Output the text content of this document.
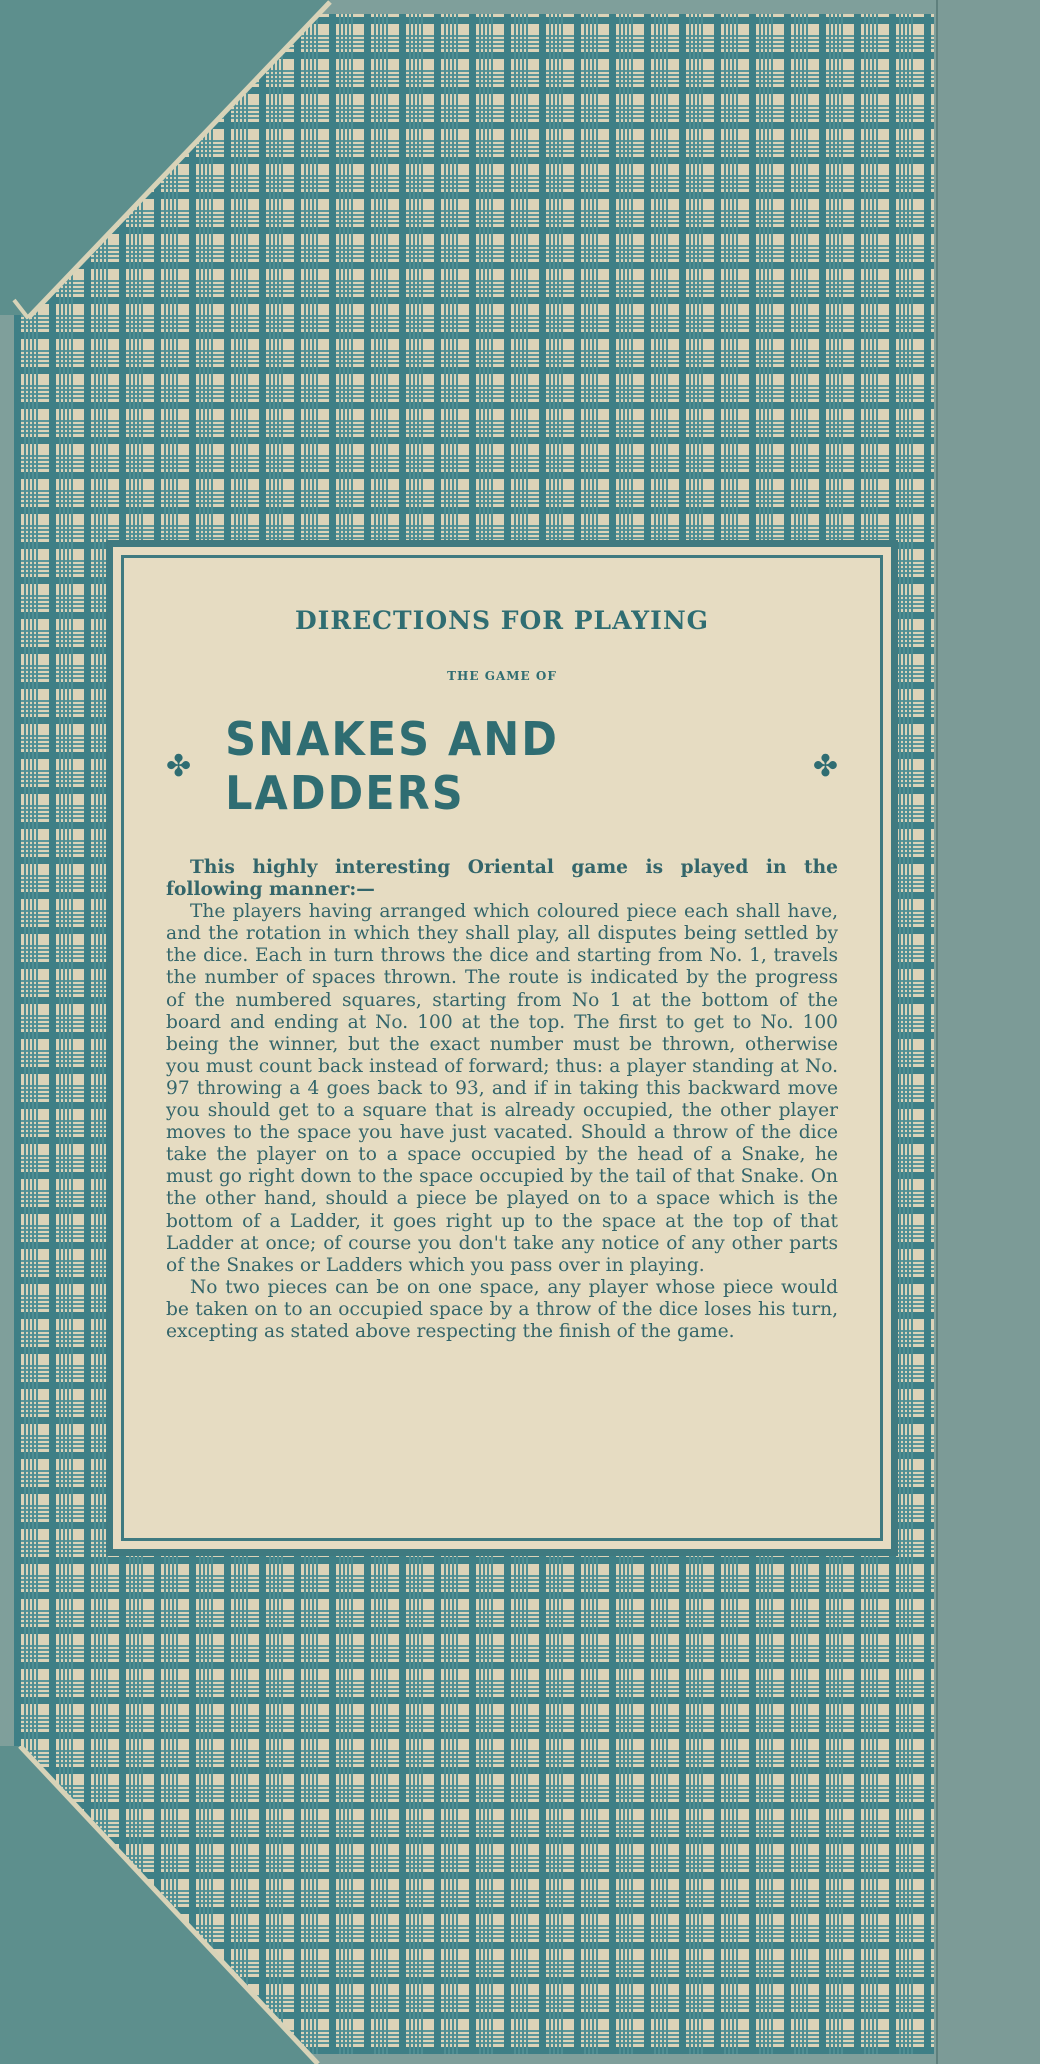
DIRECTIONS FOR PLAYING
THE GAME OF
✤ SNAKES AND LADDERS
✤

This highly interesting Oriental game is played in the following manner:—

The players having arranged which coloured piece each shall have, and the rotation in which they shall play, all disputes being settled by the dice. Each in turn throws the dice and starting from No. 1, travels the number of spaces thrown. The route is indicated by the progress of the numbered squares, starting from No 1 at the bottom of the board and ending at No. 100 at the top. The first to get to No. 100 being the winner, but the exact number must be thrown, otherwise you must count back instead of forward; thus: a player standing at No. 97 throwing a 4 goes back to 93, and if in taking this backward move you should get to a square that is already occupied, the other player moves to the space you have just vacated. Should a throw of the dice take the player on to a space occupied by the head of a Snake, he must go right down to the space occupied by the tail of that Snake. On the other hand, should a piece be played on to a space which is the bottom of a Ladder, it goes right up to the space at the top of that Ladder at once; of course you don't take any notice of any other parts of the Snakes or Ladders which you pass over in playing.

No two pieces can be on one space, any player whose piece would be taken on to an occupied space by a throw of the dice loses his turn, excepting as stated above respecting the finish of the game.
